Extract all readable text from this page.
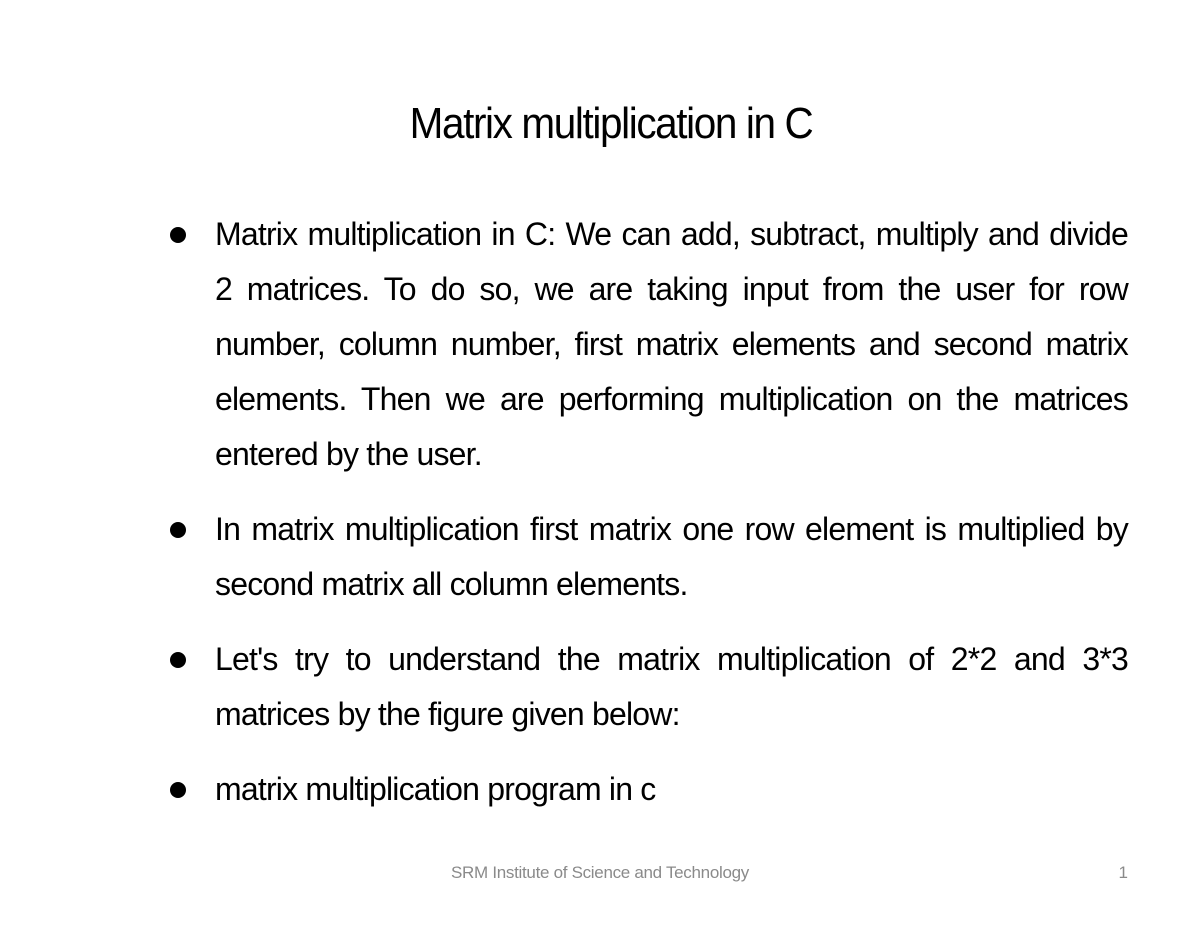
Matrix multiplication in C
Matrix multiplication in C: We can add, subtract, multiply and divide 2 matrices. To do so, we are taking input from the user for row number, column number, first matrix elements and second matrix elements. Then we are performing multiplication on the matrices entered by the user.
In matrix multiplication first matrix one row element is multiplied by second matrix all column elements.
Let's try to understand the matrix multiplication of 2*2 and 3*3 matrices by the figure given below:
matrix multiplication program in c
SRM Institute of Science and Technology	1
